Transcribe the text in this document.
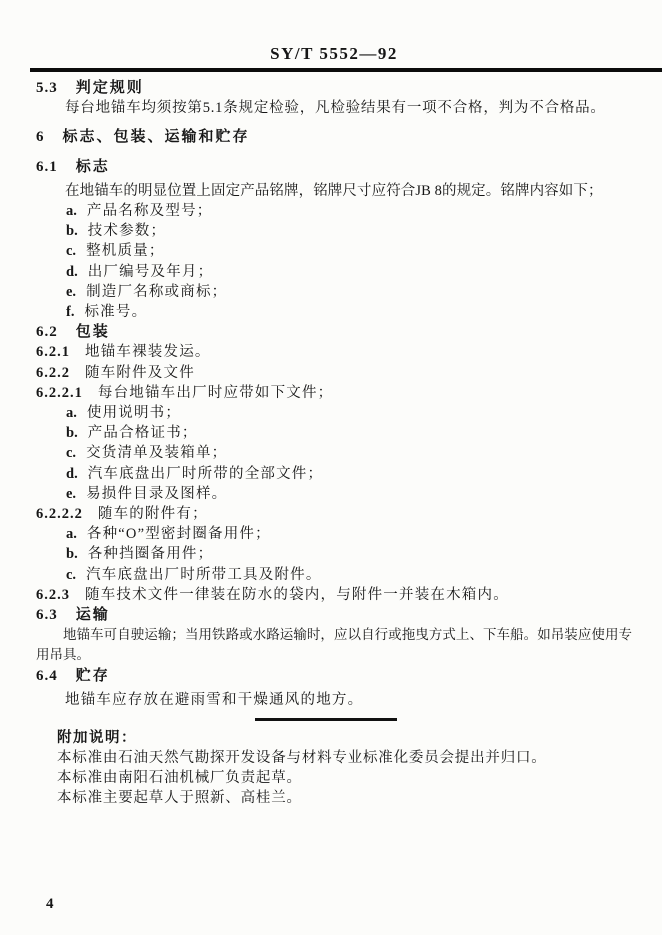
SY/T 5552—92
5.3 判定规则
每台地锚车均须按第5.1条规定检验，凡检验结果有一项不合格，判为不合格品。
6 标志、包装、运输和贮存
6.1 标志
在地锚车的明显位置上固定产品铭牌，铭牌尺寸应符合JB 8的规定。铭牌内容如下；
a. 产品名称及型号；
b. 技术参数；
c. 整机质量；
d. 出厂编号及年月；
e. 制造厂名称或商标；
f. 标准号。
6.2 包装
6.2.1 地锚车裸装发运。
6.2.2 随车附件及文件
6.2.2.1 每台地锚车出厂时应带如下文件；
a. 使用说明书；
b. 产品合格证书；
c. 交货清单及装箱单；
d. 汽车底盘出厂时所带的全部文件；
e. 易损件目录及图样。
6.2.2.2 随车的附件有；
a. 各种“O”型密封圈备用件；
b. 各种挡圈备用件；
c. 汽车底盘出厂时所带工具及附件。
6.2.3 随车技术文件一律装在防水的袋内，与附件一并装在木箱内。
6.3 运输
地锚车可自驶运输；当用铁路或水路运输时，应以自行或拖曳方式上、下车船。如吊装应使用专用吊具。
6.4 贮存
地锚车应存放在避雨雪和干燥通风的地方。
附加说明：
本标准由石油天然气勘探开发设备与材料专业标准化委员会提出并归口。
本标准由南阳石油机械厂负责起草。
本标准主要起草人于照新、高桂兰。
4
